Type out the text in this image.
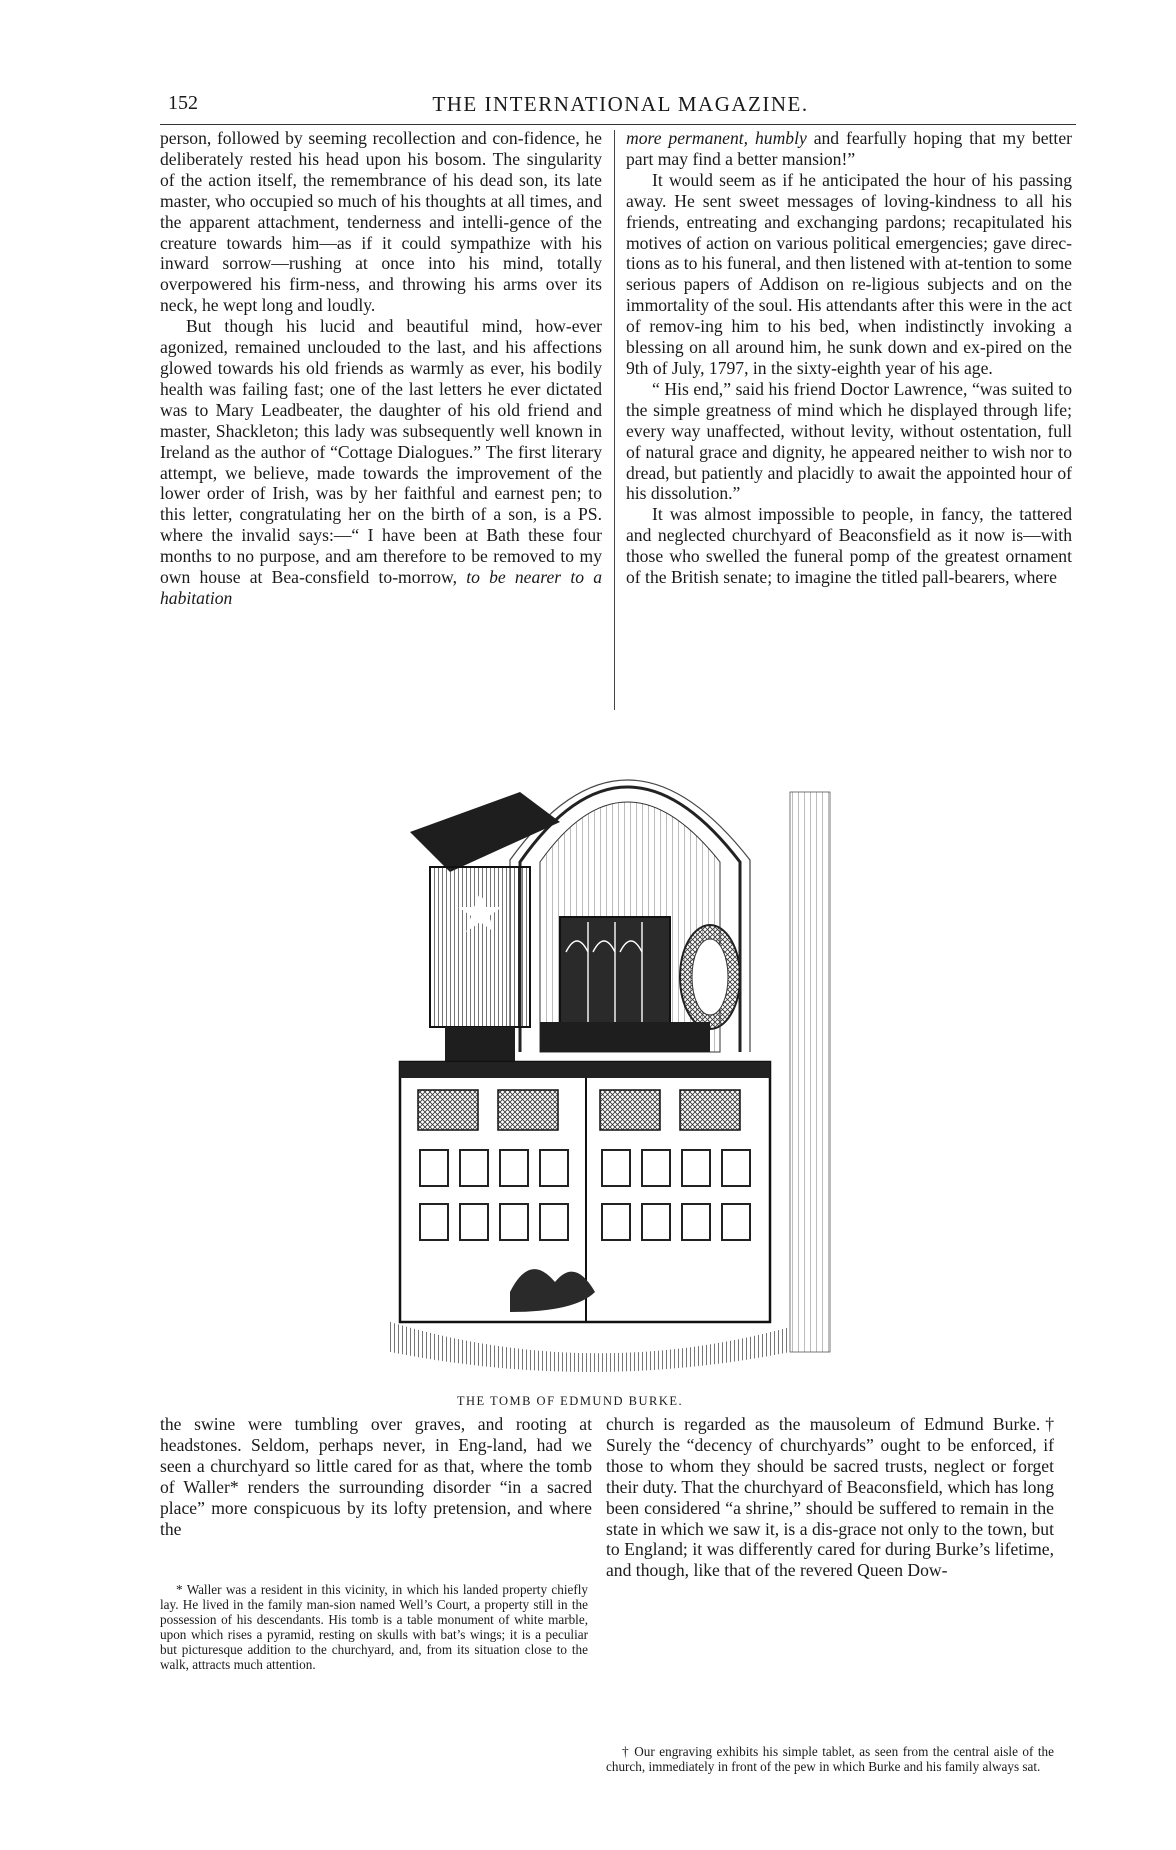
152	THE INTERNATIONAL MAGAZINE.

person, followed by seeming recollection and con-fidence, he deliberately rested his head upon his bosom. The singularity of the action itself, the remembrance of his dead son, its late master, who occupied so much of his thoughts at all times, and the apparent attachment, tenderness and intelli-gence of the creature towards him—as if it could sympathize with his inward sorrow—rushing at once into his mind, totally overpowered his firm-ness, and throwing his arms over its neck, he wept long and loudly.

But though his lucid and beautiful mind, how-ever agonized, remained unclouded to the last, and his affections glowed towards his old friends as warmly as ever, his bodily health was failing fast; one of the last letters he ever dictated was to Mary Leadbeater, the daughter of his old friend and master, Shackleton; this lady was subsequently well known in Ireland as the author of “Cottage Dialogues.” The first literary attempt, we believe, made towards the improvement of the lower order of Irish, was by her faithful and earnest pen; to this letter, congratulating her on the birth of a son, is a PS. where the invalid says:—“ I have been at Bath these four months to no purpose, and am therefore to be removed to my own house at Bea-consfield to-morrow, to be nearer to a habitation

more permanent, humbly and fearfully hoping that my better part may find a better mansion!”

It would seem as if he anticipated the hour of his passing away. He sent sweet messages of loving-kindness to all his friends, entreating and exchanging pardons; recapitulated his motives of action on various political emergencies; gave direc-tions as to his funeral, and then listened with at-tention to some serious papers of Addison on re-ligious subjects and on the immortality of the soul. His attendants after this were in the act of remov-ing him to his bed, when indistinctly invoking a blessing on all around him, he sunk down and ex-pired on the 9th of July, 1797, in the sixty-eighth year of his age.

“ His end,” said his friend Doctor Lawrence, “was suited to the simple greatness of mind which he displayed through life; every way unaffected, without levity, without ostentation, full of natural grace and dignity, he appeared neither to wish nor to dread, but patiently and placidly to await the appointed hour of his dissolution.”

It was almost impossible to people, in fancy, the tattered and neglected churchyard of Beaconsfield as it now is—with those who swelled the funeral pomp of the greatest ornament of the British senate; to imagine the titled pall-bearers, where

THE TOMB OF EDMUND BURKE.

the swine were tumbling over graves, and rooting at headstones. Seldom, perhaps never, in Eng-land, had we seen a churchyard so little cared for as that, where the tomb of Waller* renders the surrounding disorder “in a sacred place” more conspicuous by its lofty pretension, and where the

church is regarded as the mausoleum of Edmund Burke.† Surely the “decency of churchyards” ought to be enforced, if those to whom they should be sacred trusts, neglect or forget their duty. That the churchyard of Beaconsfield, which has long been considered “a shrine,” should be suffered to remain in the state in which we saw it, is a dis-grace not only to the town, but to England; it was differently cared for during Burke’s lifetime, and though, like that of the revered Queen Dow-

* Waller was a resident in this vicinity, in which his landed property chiefly lay. He lived in the family man-sion named Well’s Court, a property still in the possession of his descendants. His tomb is a table monument of white marble, upon which rises a pyramid, resting on skulls with bat’s wings; it is a peculiar but picturesque addition to the churchyard, and, from its situation close to the walk, attracts much attention.

† Our engraving exhibits his simple tablet, as seen from the central aisle of the church, immediately in front of the pew in which Burke and his family always sat.
